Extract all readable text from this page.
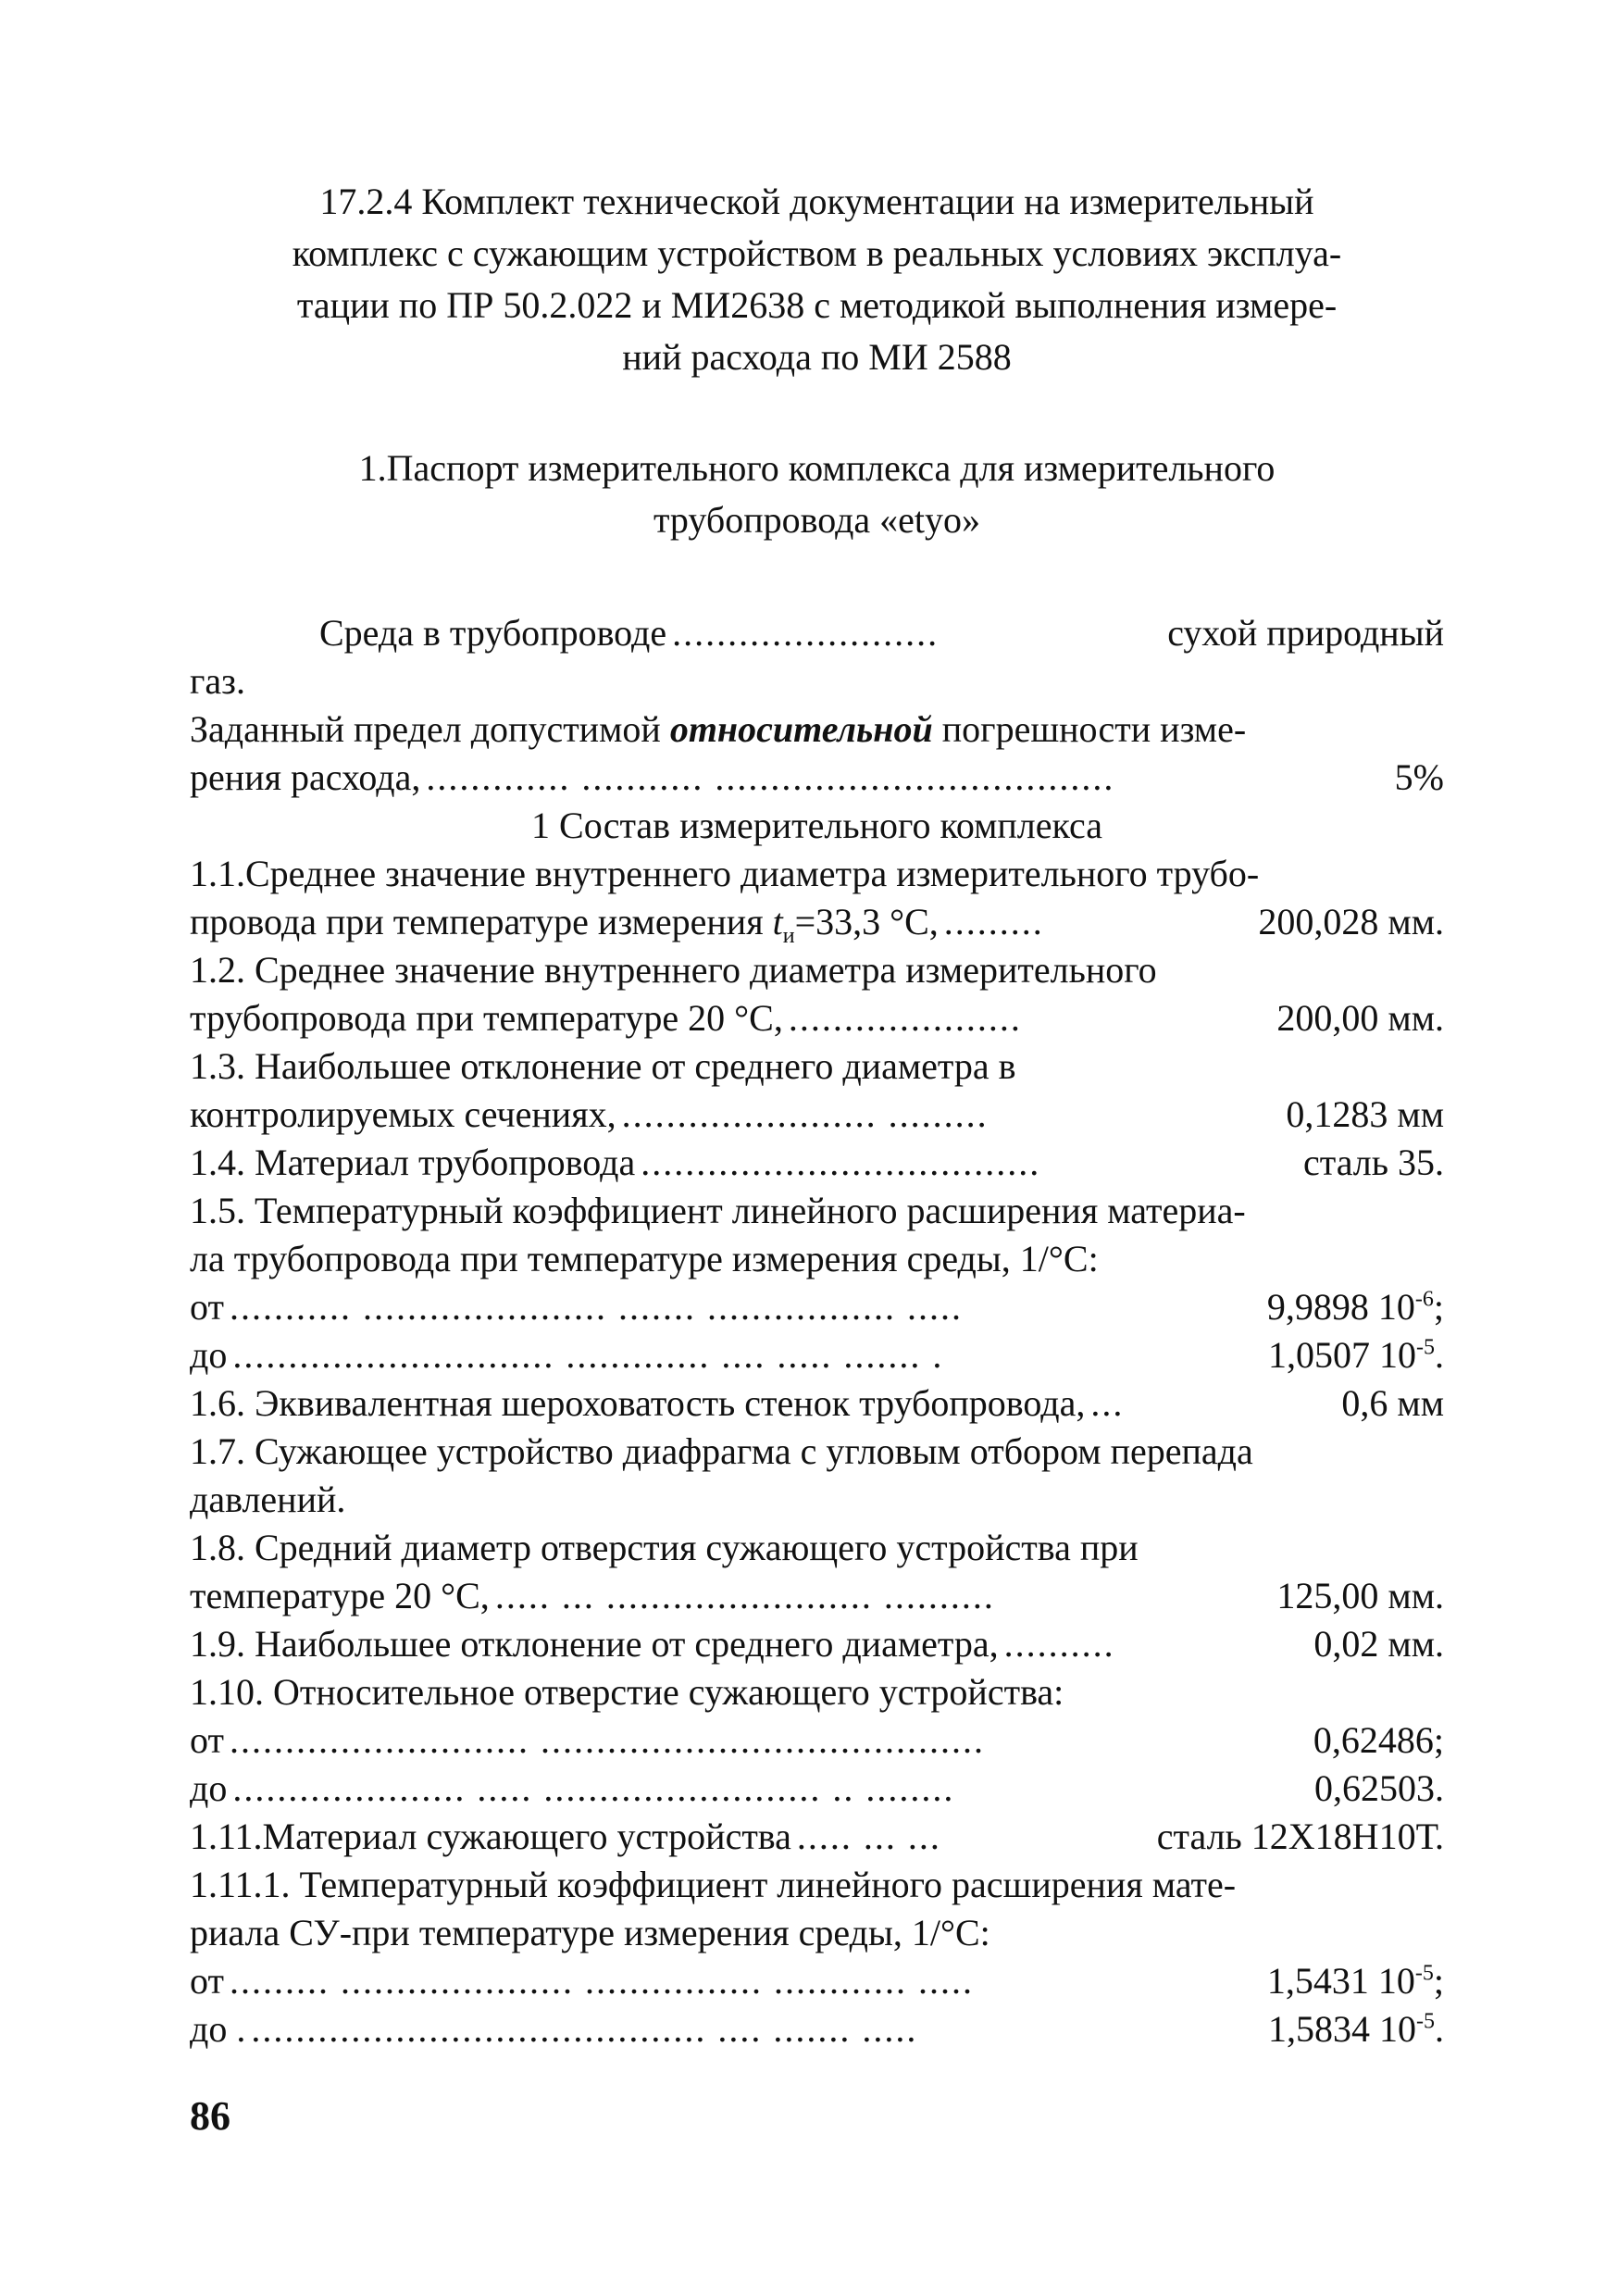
17.2.4 Комплект технической документации на измерительный
комплекс с сужающим устройством в реальных условиях эксплуа-
тации по ПР 50.2.022 и МИ2638 с методикой выполнения измере-
ний расхода по МИ 2588
1.Паспорт измерительного комплекса для измерительного
трубопровода «etyo»
Среда в трубопроводе ........................	сухой природный
газ.
Заданный предел допустимой относительной погрешности изме-
рения расхода, ............. ........... ....................................	5%
1 Состав измерительного комплекса
1.1.Среднее значение внутреннего диаметра измерительного трубо-
провода при температуре измерения $t_и=33,3$ °С, .........	200,028 мм.
1.2. Среднее значение внутреннего диаметра измерительного
трубопровода при температуре 20 °С, .....................	200,00 мм.
1.3. Наибольшее отклонение от среднего диаметра в
контролируемых сечениях, ....................... .........	0,1283 мм
1.4. Материал трубопровода ....................................	сталь 35.
1.5. Температурный коэффициент линейного расширения материа-
ла трубопровода при температуре измерения среды, 1/°С:
от ........... ...................... ....... ................. .....	9,9898 $10^{-6}$;
до ............................. ............. .... ..... ....... .	1,0507 $10^{-5}$.
1.6. Эквивалентная шероховатость стенок трубопровода, ...	0,6 мм
1.7. Сужающее устройство диафрагма с угловым отбором перепада
давлений.
1.8. Средний диаметр отверстия сужающего устройства при
температуре 20 °С, ..... ... ........................ ..........	125,00 мм.
1.9. Наибольшее отклонение от среднего диаметра, ..........	0,02 мм.
1.10. Относительное отверстие сужающего устройства:
от ........................... ........................................	0,62486;
до ..................... ..... ......................... .. ........	0,62503.
1.11.Материал сужающего устройства ..... ... ...	сталь 12Х18Н10Т.
1.11.1. Температурный коэффициент линейного расширения мате-
риала СУ-при температуре измерения среды, 1/°С:
от ......... ..................... ................ ............ .....	1,5431 $10^{-5}$;
до . ......................................... .... ....... .....	1,5834 $10^{-5}$.
86
